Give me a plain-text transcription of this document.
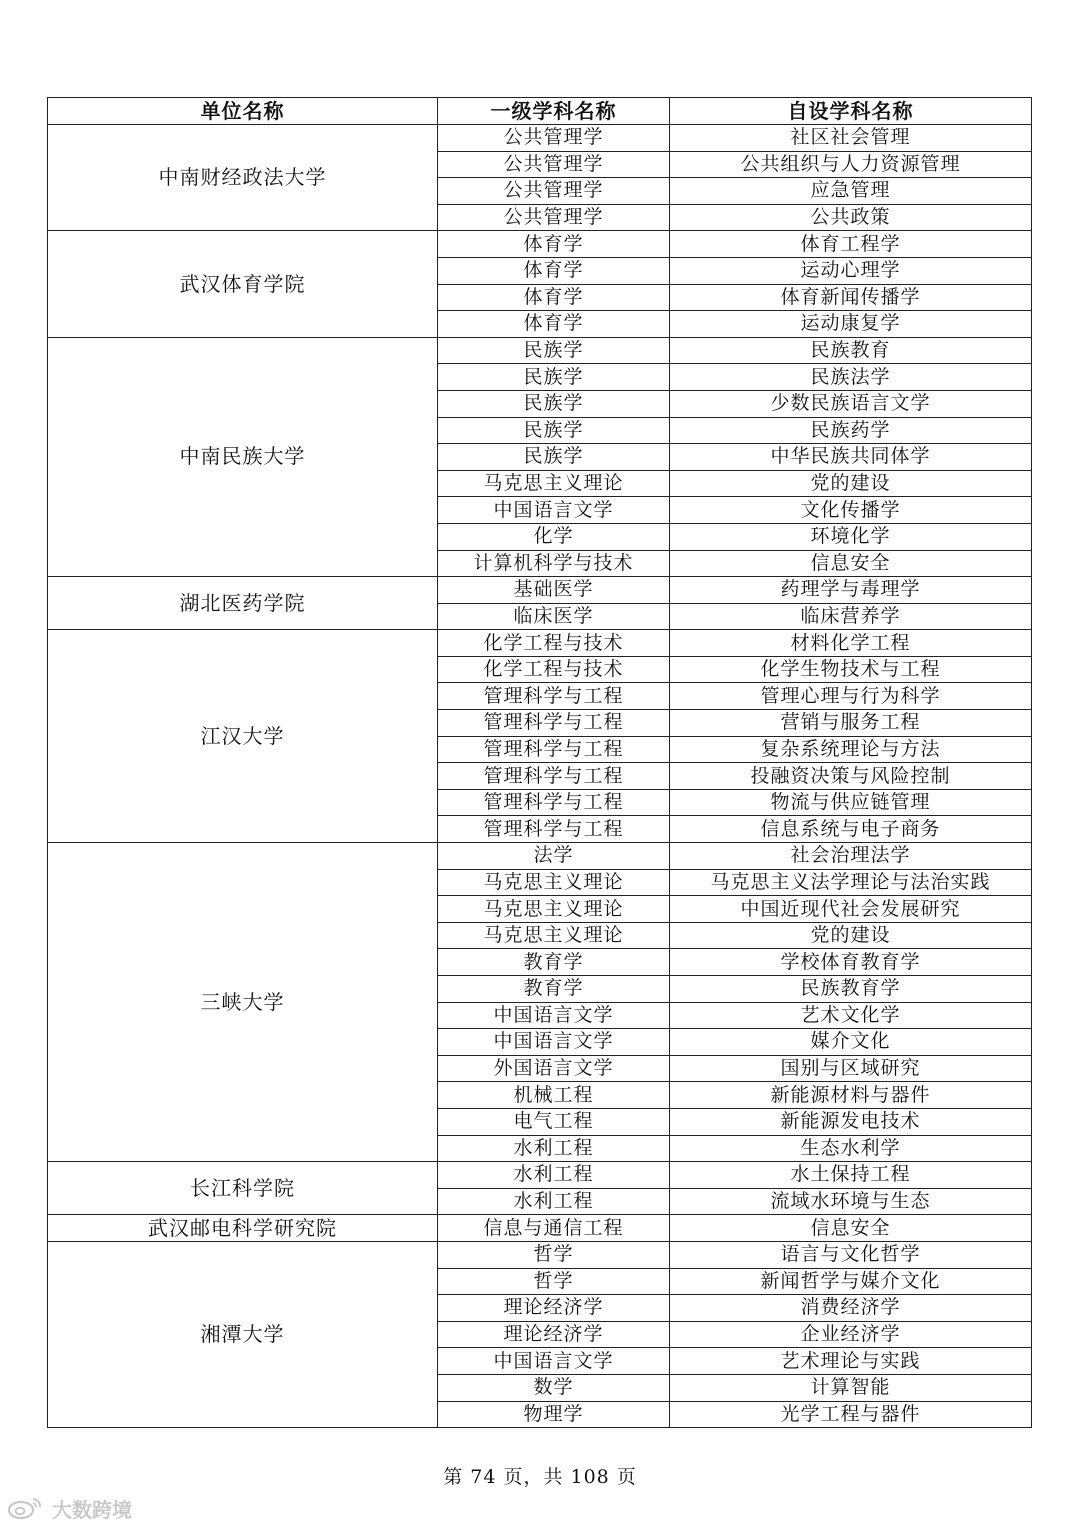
单位名称	一级学科名称	自设学科名称
中南财经政法大学	公共管理学	社区社会管理
	公共管理学	公共组织与人力资源管理
	公共管理学	应急管理
	公共管理学	公共政策
武汉体育学院	体育学	体育工程学
	体育学	运动心理学
	体育学	体育新闻传播学
	体育学	运动康复学
中南民族大学	民族学	民族教育
	民族学	民族法学
	民族学	少数民族语言文学
	民族学	民族药学
	民族学	中华民族共同体学
	马克思主义理论	党的建设
	中国语言文学	文化传播学
	化学	环境化学
	计算机科学与技术	信息安全
湖北医药学院	基础医学	药理学与毒理学
	临床医学	临床营养学
江汉大学	化学工程与技术	材料化学工程
	化学工程与技术	化学生物技术与工程
	管理科学与工程	管理心理与行为科学
	管理科学与工程	营销与服务工程
	管理科学与工程	复杂系统理论与方法
	管理科学与工程	投融资决策与风险控制
	管理科学与工程	物流与供应链管理
	管理科学与工程	信息系统与电子商务
三峡大学	法学	社会治理法学
	马克思主义理论	马克思主义法学理论与法治实践
	马克思主义理论	中国近现代社会发展研究
	马克思主义理论	党的建设
	教育学	学校体育教育学
	教育学	民族教育学
	中国语言文学	艺术文化学
	中国语言文学	媒介文化
	外国语言文学	国别与区域研究
	机械工程	新能源材料与器件
	电气工程	新能源发电技术
	水利工程	生态水利学
长江科学院	水利工程	水土保持工程
	水利工程	流域水环境与生态
武汉邮电科学研究院	信息与通信工程	信息安全
湘潭大学	哲学	语言与文化哲学
	哲学	新闻哲学与媒介文化
	理论经济学	消费经济学
	理论经济学	企业经济学
	中国语言文学	艺术理论与实践
	数学	计算智能
	物理学	光学工程与器件
第 74 页，共 108 页
大数跨境
